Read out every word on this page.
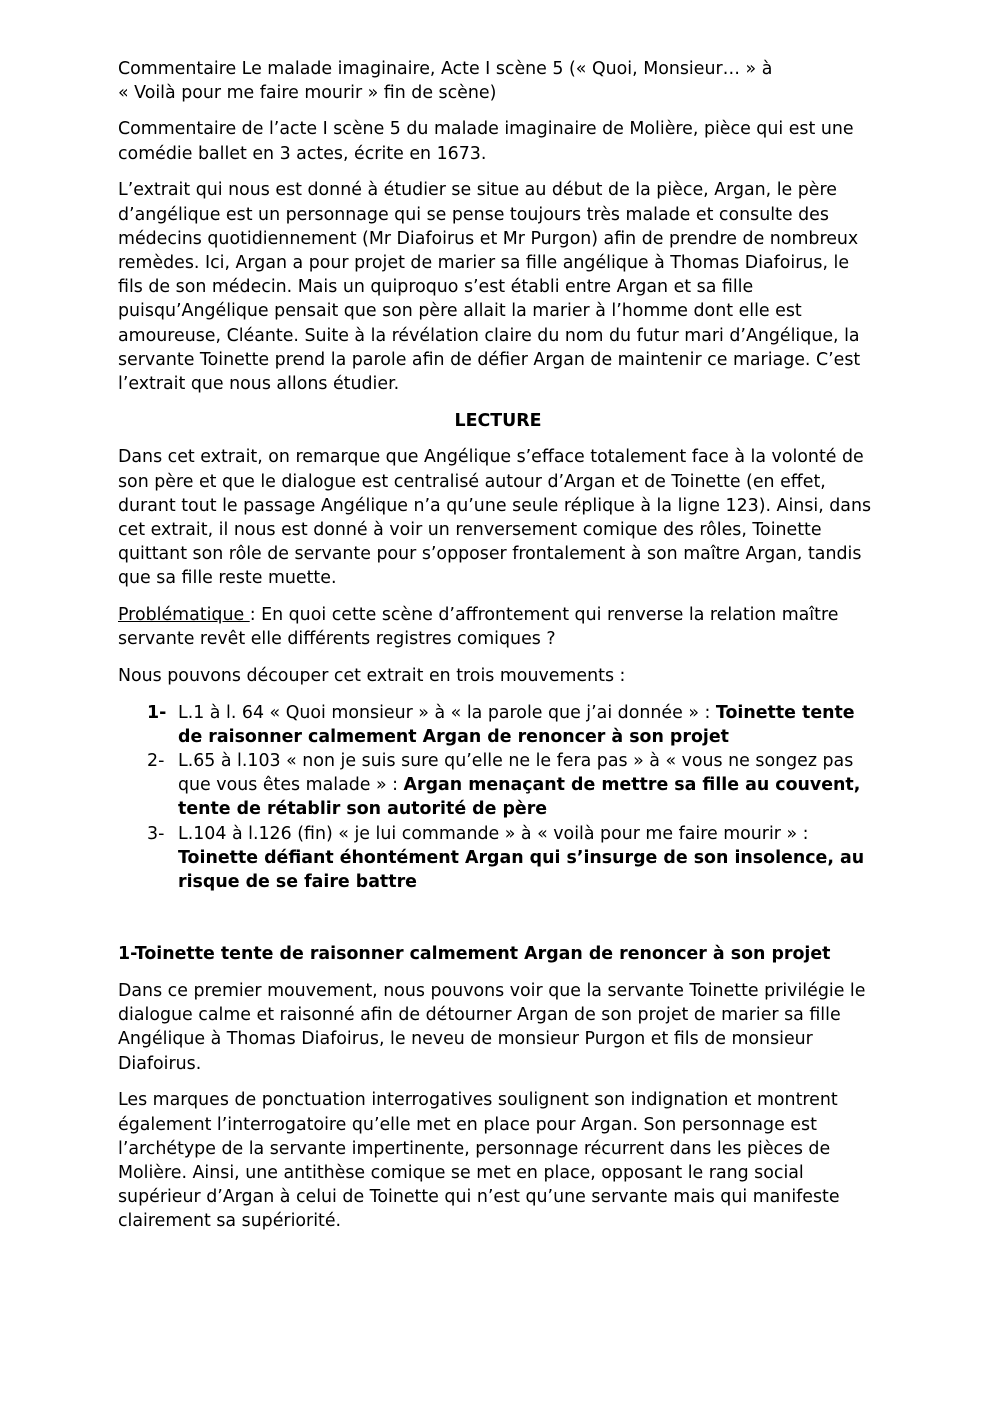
Commentaire Le malade imaginaire, Acte I scène 5 (« Quoi, Monsieur… » à
« Voilà pour me faire mourir » fin de scène)

Commentaire de l’acte I scène 5 du malade imaginaire de Molière, pièce qui est une comédie ballet en 3 actes, écrite en 1673.

L’extrait qui nous est donné à étudier se situe au début de la pièce, Argan, le père d’angélique est un personnage qui se pense toujours très malade et consulte des médecins quotidiennement (Mr Diafoirus et Mr Purgon) afin de prendre de nombreux remèdes. Ici, Argan a pour projet de marier sa fille angélique à Thomas Diafoirus, le fils de son médecin. Mais un quiproquo s’est établi entre Argan et sa fille puisqu’Angélique pensait que son père allait la marier à l’homme dont elle est amoureuse, Cléante. Suite à la révélation claire du nom du futur mari d’Angélique, la servante Toinette prend la parole afin de défier Argan de maintenir ce mariage. C’est l’extrait que nous allons étudier.

LECTURE

Dans cet extrait, on remarque que Angélique s’efface totalement face à la volonté de son père et que le dialogue est centralisé autour d’Argan et de Toinette (en effet, durant tout le passage Angélique n’a qu’une seule réplique à la ligne 123). Ainsi, dans cet extrait, il nous est donné à voir un renversement comique des rôles, Toinette quittant son rôle de servante pour s’opposer frontalement à son maître Argan, tandis que sa fille reste muette.

Problématique : En quoi cette scène d’affrontement qui renverse la relation maître servante revêt elle différents registres comiques ?

Nous pouvons découper cet extrait en trois mouvements :

1- L.1 à l. 64 « Quoi monsieur » à « la parole que j’ai donnée » : Toinette tente de raisonner calmement Argan de renoncer à son projet
2- L.65 à l.103 « non je suis sure qu’elle ne le fera pas » à « vous ne songez pas que vous êtes malade » : Argan menaçant de mettre sa fille au couvent, tente de rétablir son autorité de père
3- L.104 à l.126 (fin) « je lui commande » à « voilà pour me faire mourir » : Toinette défiant éhontément Argan qui s’insurge de son insolence, au risque de se faire battre
1-Toinette tente de raisonner calmement Argan de renoncer à son projet

Dans ce premier mouvement, nous pouvons voir que la servante Toinette privilégie le dialogue calme et raisonné afin de détourner Argan de son projet de marier sa fille Angélique à Thomas Diafoirus, le neveu de monsieur Purgon et fils de monsieur Diafoirus.

Les marques de ponctuation interrogatives soulignent son indignation et montrent également l’interrogatoire qu’elle met en place pour Argan. Son personnage est l’archétype de la servante impertinente, personnage récurrent dans les pièces de Molière. Ainsi, une antithèse comique se met en place, opposant le rang social supérieur d’Argan à celui de Toinette qui n’est qu’une servante mais qui manifeste clairement sa supériorité.
